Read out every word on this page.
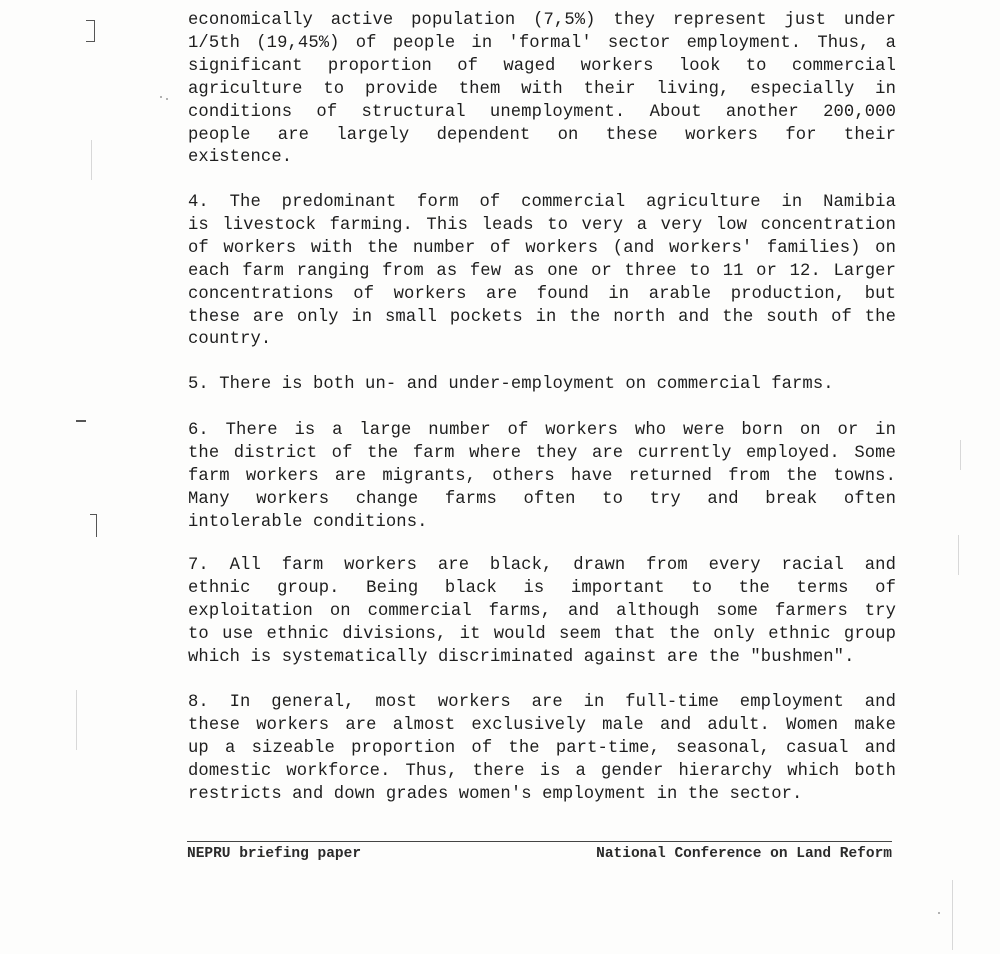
economically active population (7,5%) they represent just under
1/5th (19,45%) of people in 'formal' sector employment. Thus, a
significant proportion of waged workers look to commercial
agriculture to provide them with their living, especially in
conditions of structural unemployment. About another 200,000
people are largely dependent on these workers for their
existence.
4. The predominant form of commercial agriculture in Namibia
is livestock farming. This leads to very a very low concentration
of workers with the number of workers (and workers' families) on
each farm ranging from as few as one or three to 11 or 12. Larger
concentrations of workers are found in arable production, but
these are only in small pockets in the north and the south of the
country.
5. There is both un- and under-employment on commercial farms.
6. There is a large number of workers who were born on or in
the district of the farm where they are currently employed. Some
farm workers are migrants, others have returned from the towns.
Many workers change farms often to try and break often
intolerable conditions.
7. All farm workers are black, drawn from every racial and
ethnic group. Being black is important to the terms of
exploitation on commercial farms, and although some farmers try
to use ethnic divisions, it would seem that the only ethnic group
which is systematically discriminated against are the "bushmen".
8. In general, most workers are in full-time employment and
these workers are almost exclusively male and adult. Women make
up a sizeable proportion of the part-time, seasonal, casual and
domestic workforce. Thus, there is a gender hierarchy which both
restricts and down grades women's employment in the sector.
NEPRU briefing paper	National Conference on Land Reform
